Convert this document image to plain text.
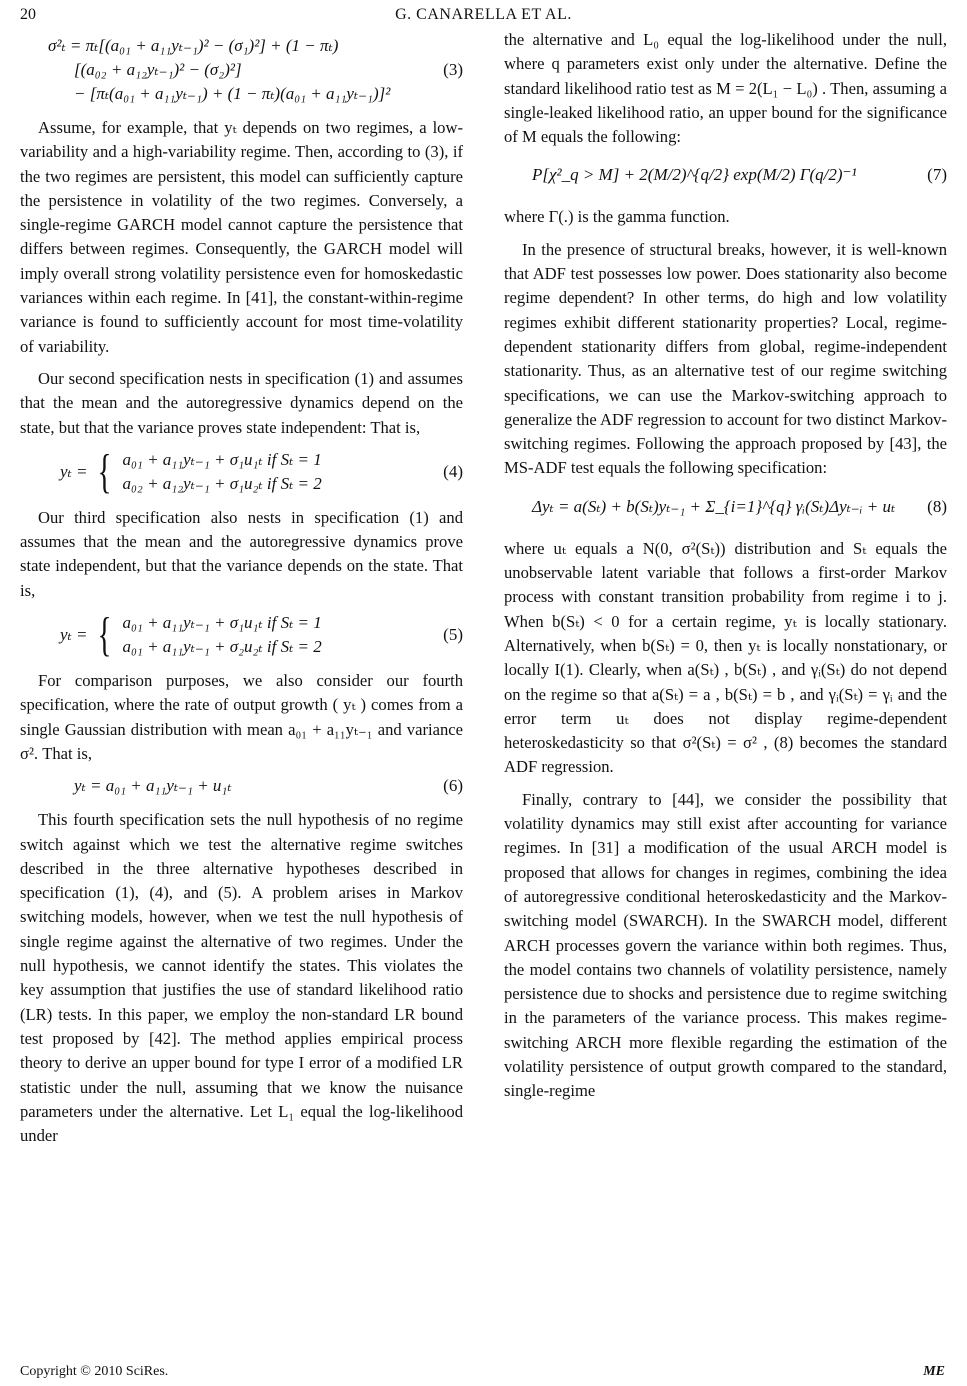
20	G. CANARELLA ET AL.
σ²ₜ = πₜ[(a₀₁ + a₁₁yₜ₋₁)² − (σ₁)²] + (1 − πₜ)
[(a₀₂ + a₁₂yₜ₋₁)² − (σ₂)²]
− [πₜ(a₀₁ + a₁₁yₜ₋₁) + (1 − πₜ)(a₀₁ + a₁₁yₜ₋₁)]²
(3)

Assume, for example, that yₜ depends on two regimes, a low-variability and a high-variability regime. Then, according to (3), if the two regimes are persistent, this model can sufficiently capture the persistence in volatility of the two regimes. Conversely, a single-regime GARCH model cannot capture the persistence that differs between regimes. Consequently, the GARCH model will imply overall strong volatility persistence even for homoskedastic variances within each regime. In [41], the constant-within-regime variance is found to sufficiently account for most time-volatility of variability.

Our second specification nests in specification (1) and assumes that the mean and the autoregressive dynamics depend on the state, but that the variance proves state independent: That is,

yₜ = { a₀₁ + a₁₁yₜ₋₁ + σ₁u₁ₜ if Sₜ = 1
a₀₂ + a₁₂yₜ₋₁ + σ₁u₂ₜ if Sₜ = 2
(4)

Our third specification also nests in specification (1) and assumes that the mean and the autoregressive dynamics prove state independent, but that the variance depends on the state. That is,

yₜ = { a₀₁ + a₁₁yₜ₋₁ + σ₁u₁ₜ if Sₜ = 1
a₀₁ + a₁₁yₜ₋₁ + σ₂u₂ₜ if Sₜ = 2
(5)

For comparison purposes, we also consider our fourth specification, where the rate of output growth ( yₜ ) comes from a single Gaussian distribution with mean a₀₁ + a₁₁yₜ₋₁ and variance σ². That is,

yₜ = a₀₁ + a₁₁yₜ₋₁ + u₁ₜ	(6)

This fourth specification sets the null hypothesis of no regime switch against which we test the alternative regime switches described in the three alternative hypotheses described in specification (1), (4), and (5). A problem arises in Markov switching models, however, when we test the null hypothesis of single regime against the alternative of two regimes. Under the null hypothesis, we cannot identify the states. This violates the key assumption that justifies the use of standard likelihood ratio (LR) tests. In this paper, we employ the non-standard LR bound test proposed by [42]. The method applies empirical process theory to derive an upper bound for type I error of a modified LR statistic under the null, assuming that we know the nuisance parameters under the alternative. Let L₁ equal the log-likelihood under

the alternative and L₀ equal the log-likelihood under the null, where q parameters exist only under the alternative. Define the standard likelihood ratio test as M = 2(L₁ − L₀) . Then, assuming a single-leaked likelihood ratio, an upper bound for the significance of M equals the following:

P[χ²_q > M] + 2(M/2)^{q/2} exp(M/2) Γ(q/2)⁻¹	(7)

where Γ(.) is the gamma function.

In the presence of structural breaks, however, it is well-known that ADF test possesses low power. Does stationarity also become regime dependent? In other terms, do high and low volatility regimes exhibit different stationarity properties? Local, regime-dependent stationarity differs from global, regime-independent stationarity. Thus, as an alternative test of our regime switching specifications, we can use the Markov-switching approach to generalize the ADF regression to account for two distinct Markov-switching regimes. Following the approach proposed by [43], the MS-ADF test equals the following specification:

Δyₜ = a(Sₜ) + b(Sₜ)yₜ₋₁ + Σ_{i=1}^{q} γᵢ(Sₜ)Δyₜ₋ᵢ + uₜ	(8)

where uₜ equals a N(0, σ²(Sₜ)) distribution and Sₜ equals the unobservable latent variable that follows a first-order Markov process with constant transition probability from regime i to j. When b(Sₜ) < 0 for a certain regime, yₜ is locally stationary. Alternatively, when b(Sₜ) = 0, then yₜ is locally nonstationary, or locally I(1). Clearly, when a(Sₜ) , b(Sₜ) , and γᵢ(Sₜ) do not depend on the regime so that a(Sₜ) = a , b(Sₜ) = b , and γᵢ(Sₜ) = γᵢ and the error term uₜ does not display regime-dependent heteroskedasticity so that σ²(Sₜ) = σ² , (8) becomes the standard ADF regression.

Finally, contrary to [44], we consider the possibility that volatility dynamics may still exist after accounting for variance regimes. In [31] a modification of the usual ARCH model is proposed that allows for changes in regimes, combining the idea of autoregressive conditional heteroskedasticity and the Markov-switching model (SWARCH). In the SWARCH model, different ARCH processes govern the variance within both regimes. Thus, the model contains two channels of volatility persistence, namely persistence due to shocks and persistence due to regime switching in the parameters of the variance process. This makes regime-switching ARCH more flexible regarding the estimation of the volatility persistence of output growth compared to the standard, single-regime

Copyright © 2010 SciRes.	ME
